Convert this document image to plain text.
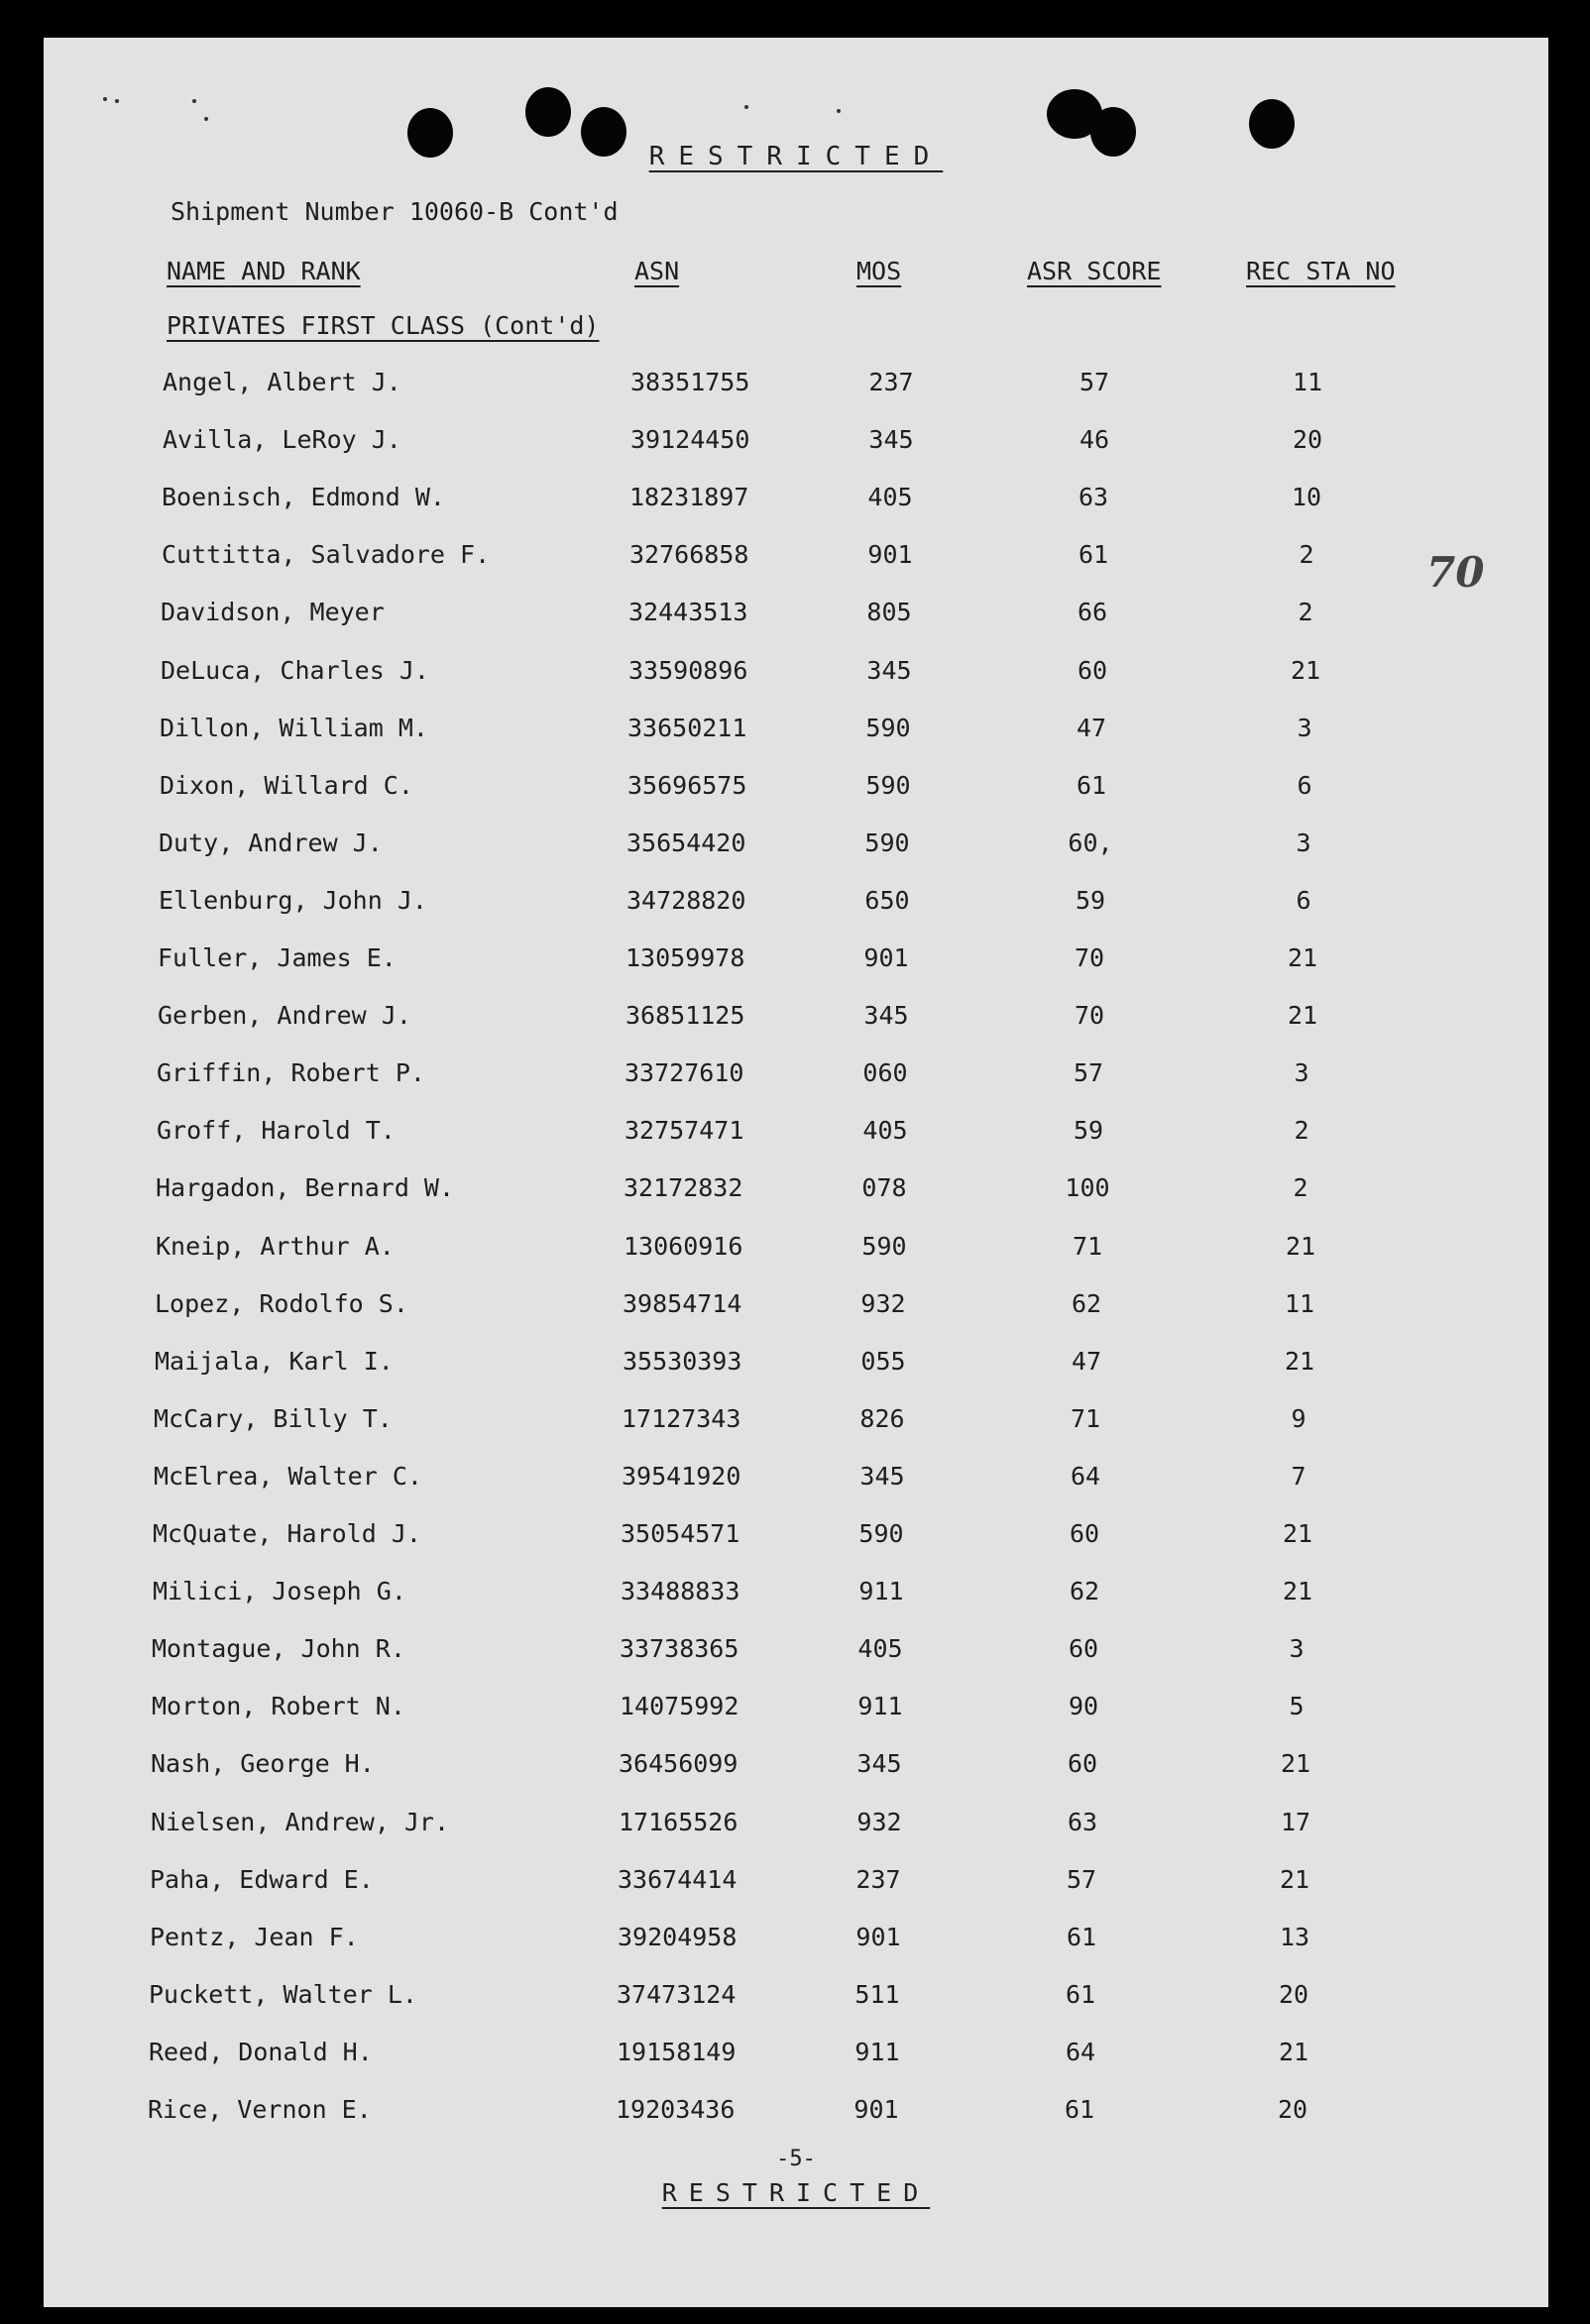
RESTRICTED
Shipment Number 10060-B Cont'd
NAME AND RANK	ASN	MOS	ASR SCORE	REC STA NO
PRIVATES FIRST CLASS (Cont'd)
Angel, Albert J.	38351755	237	57	11
Avilla, LeRoy J.	39124450	345	46	20
Boenisch, Edmond W.	18231897	405	63	10
Cuttitta, Salvadore F.	32766858	901	61	2
Davidson, Meyer	32443513	805	66	2
DeLuca, Charles J.	33590896	345	60	21
Dillon, William M.	33650211	590	47	3
Dixon, Willard C.	35696575	590	61	6
Duty, Andrew J.	35654420	590	60,	3
Ellenburg, John J.	34728820	650	59	6
Fuller, James E.	13059978	901	70	21
Gerben, Andrew J.	36851125	345	70	21
Griffin, Robert P.	33727610	060	57	3
Groff, Harold T.	32757471	405	59	2
Hargadon, Bernard W.	32172832	078	100	2
Kneip, Arthur A.	13060916	590	71	21
Lopez, Rodolfo S.	39854714	932	62	11
Maijala, Karl I.	35530393	055	47	21
McCary, Billy T.	17127343	826	71	9
McElrea, Walter C.	39541920	345	64	7
McQuate, Harold J.	35054571	590	60	21
Milici, Joseph G.	33488833	911	62	21
Montague, John R.	33738365	405	60	3
Morton, Robert N.	14075992	911	90	5
Nash, George H.	36456099	345	60	21
Nielsen, Andrew, Jr.	17165526	932	63	17
Paha, Edward E.	33674414	237	57	21
Pentz, Jean F.	39204958	901	61	13
Puckett, Walter L.	37473124	511	61	20
Reed, Donald H.	19158149	911	64	21
Rice, Vernon E.	19203436	901	61	20
70
-5-
RESTRICTED
